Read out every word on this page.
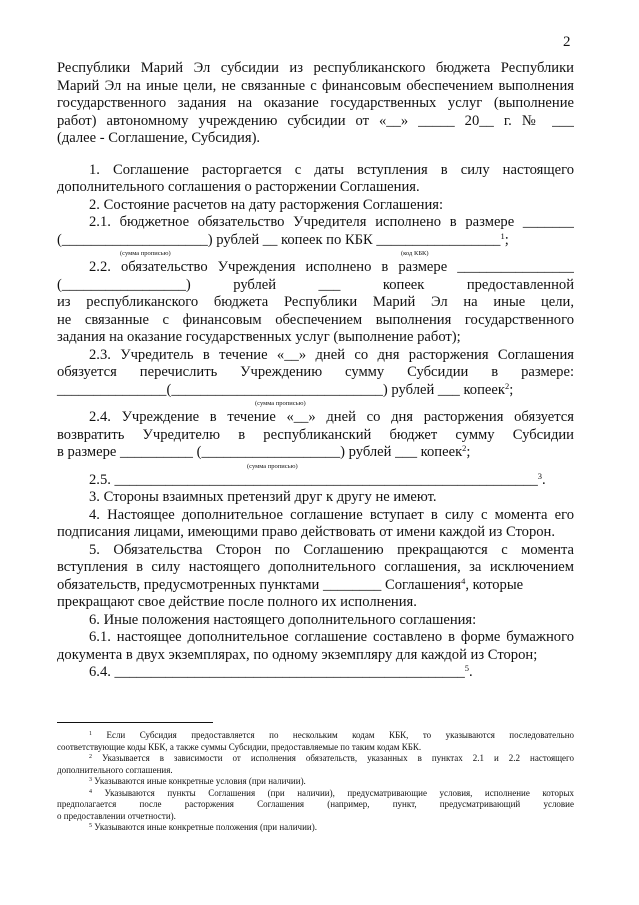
2
Республики Марий Эл субсидии из республиканского бюджета Республики
Марий Эл на иные цели, не связанные с финансовым обеспечением выполнения
государственного задания на оказание государственных услуг (выполнение
работ) автономному учреждению субсидии от «__» _____ 20__ г. № ___
(далее - Соглашение, Субсидия).
1. Соглашение расторгается с даты вступления в силу настоящего
дополнительного соглашения о расторжении Соглашения.
2. Состояние расчетов на дату расторжения Соглашения:
2.1. бюджетное обязательство Учредителя исполнено в размере _______
(____________________) рублей __ копеек по КБК _________________$^1$;
(сумма прописью)	(код КБК)
2.2. обязательство Учреждения исполнено в размере ________________
(_________________) рублей ___ копеек предоставленной
из республиканского бюджета Республики Марий Эл на иные цели,
не связанные с финансовым обеспечением выполнения государственного
задания на оказание государственных услуг (выполнение работ);
2.3. Учредитель в течение «__» дней со дня расторжения Соглашения
обязуется перечислить Учреждению сумму Субсидии в размере:
_______________(_____________________________) рублей ___ копеек$^2$;
(сумма прописью)
2.4. Учреждение в течение «__» дней со дня расторжения обязуется
возвратить Учредителю в республиканский бюджет сумму Субсидии
в размере __________ (___________________) рублей ___ копеек$^2$;
(сумма прописью)
2.5. __________________________________________________________$^3$.
3. Стороны взаимных претензий друг к другу не имеют.
4. Настоящее дополнительное соглашение вступает в силу с момента его
подписания лицами, имеющими право действовать от имени каждой из Сторон.
5. Обязательства Сторон по Соглашению прекращаются с момента
вступления в силу настоящего дополнительного соглашения, за исключением
обязательств, предусмотренных пунктами ________ Соглашения$^4$, которые
прекращают свое действие после полного их исполнения.
6. Иные положения настоящего дополнительного соглашения:
6.1. настоящее дополнительное соглашение составлено в форме бумажного
документа в двух экземплярах, по одному экземпляру для каждой из Сторон;
6.4. ________________________________________________$^5$.
$^1$ Если Субсидия предоставляется по нескольким кодам КБК, то указываются последовательно
соответствующие коды КБК, а также суммы Субсидии, предоставляемые по таким кодам КБК.
$^2$ Указывается в зависимости от исполнения обязательств, указанных в пунктах 2.1 и 2.2 настоящего
дополнительного соглашения.
$^3$ Указываются иные конкретные условия (при наличии).
$^4$ Указываются пункты Соглашения (при наличии), предусматривающие условия, исполнение которых
предполагается после расторжения Соглашения (например, пункт, предусматривающий условие
о предоставлении отчетности).
$^5$ Указываются иные конкретные положения (при наличии).
